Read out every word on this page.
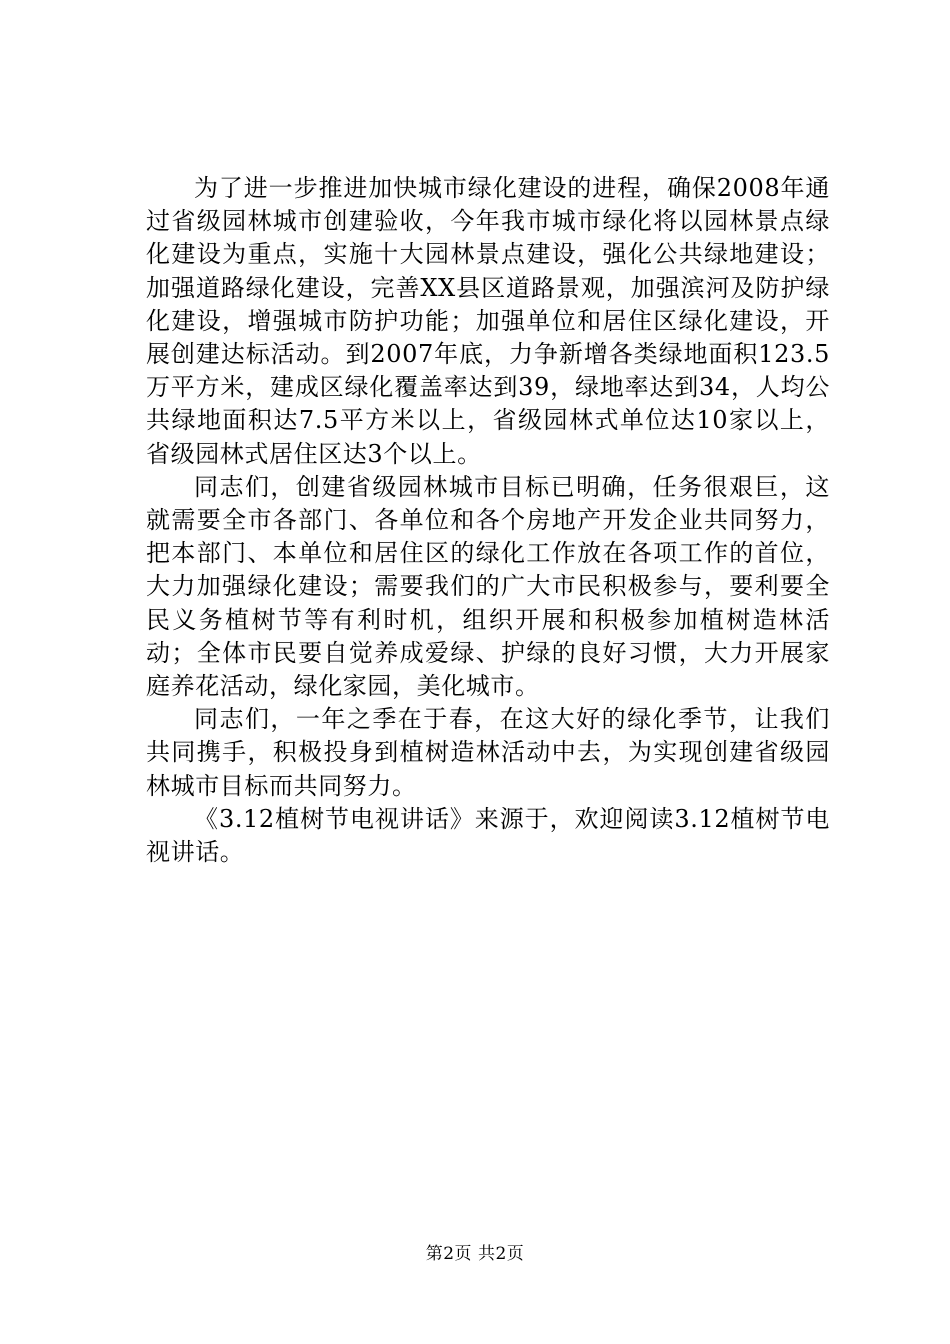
为了进一步推进加快城市绿化建设的进程，确保2008年通过省级园林城市创建验收，今年我市城市绿化将以园林景点绿化建设为重点，实施十大园林景点建设，强化公共绿地建设；加强道路绿化建设，完善XX县区道路景观，加强滨河及防护绿化建设，增强城市防护功能；加强单位和居住区绿化建设，开展创建达标活动。到2007年底，力争新增各类绿地面积123.5万平方米，建成区绿化覆盖率达到39，绿地率达到34，人均公共绿地面积达7.5平方米以上，省级园林式单位达10家以上，省级园林式居住区达3个以上。

同志们，创建省级园林城市目标已明确，任务很艰巨，这就需要全市各部门、各单位和各个房地产开发企业共同努力，把本部门、本单位和居住区的绿化工作放在各项工作的首位，大力加强绿化建设；需要我们的广大市民积极参与，要利要全民义务植树节等有利时机，组织开展和积极参加植树造林活动；全体市民要自觉养成爱绿、护绿的良好习惯，大力开展家庭养花活动，绿化家园，美化城市。

同志们，一年之季在于春，在这大好的绿化季节，让我们共同携手，积极投身到植树造林活动中去，为实现创建省级园林城市目标而共同努力。

《3.12植树节电视讲话》来源于，欢迎阅读3.12植树节电视讲话。

第2页 共2页
